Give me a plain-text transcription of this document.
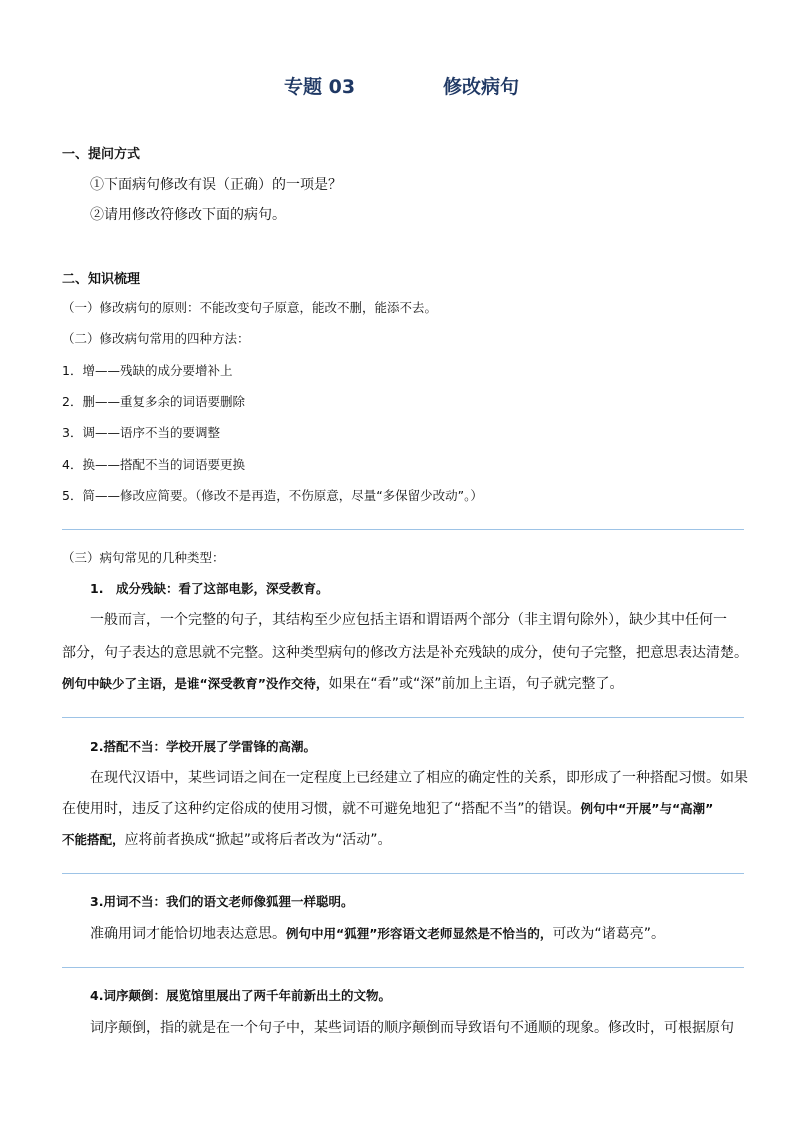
专题 03	修改病句
一、提问方式
①下面病句修改有误（正确）的一项是？
②请用修改符修改下面的病句。
二、知识梳理
（一）修改病句的原则：不能改变句子原意，能改不删，能添不去。
（二）修改病句常用的四种方法：
1．增——残缺的成分要增补上
2．删——重复多余的词语要删除
3．调——语序不当的要调整
4．换——搭配不当的词语要更换
5．简——修改应简要。（修改不是再造，不伤原意，尽量“多保留少改动”。）
（三）病句常见的几种类型：
1.　成分残缺：看了这部电影，深受教育。
一般而言，一个完整的句子，其结构至少应包括主语和谓语两个部分（非主谓句除外），缺少其中任何一
部分，句子表达的意思就不完整。这种类型病句的修改方法是补充残缺的成分，使句子完整，把意思表达清楚。
例句中缺少了主语，是谁“深受教育”没作交待，如果在“看”或“深”前加上主语，句子就完整了。
2.搭配不当：学校开展了学雷锋的高潮。
在现代汉语中，某些词语之间在一定程度上已经建立了相应的确定性的关系，即形成了一种搭配习惯。如果
在使用时，违反了这种约定俗成的使用习惯，就不可避免地犯了“搭配不当”的错误。例句中“开展”与“高潮”
不能搭配，应将前者换成“掀起”或将后者改为“活动”。
3.用词不当：我们的语文老师像狐狸一样聪明。
准确用词才能恰切地表达意思。例句中用“狐狸”形容语文老师显然是不恰当的，可改为“诸葛亮”。
4.词序颠倒：展览馆里展出了两千年前新出土的文物。
词序颠倒，指的就是在一个句子中，某些词语的顺序颠倒而导致语句不通顺的现象。修改时，可根据原句
